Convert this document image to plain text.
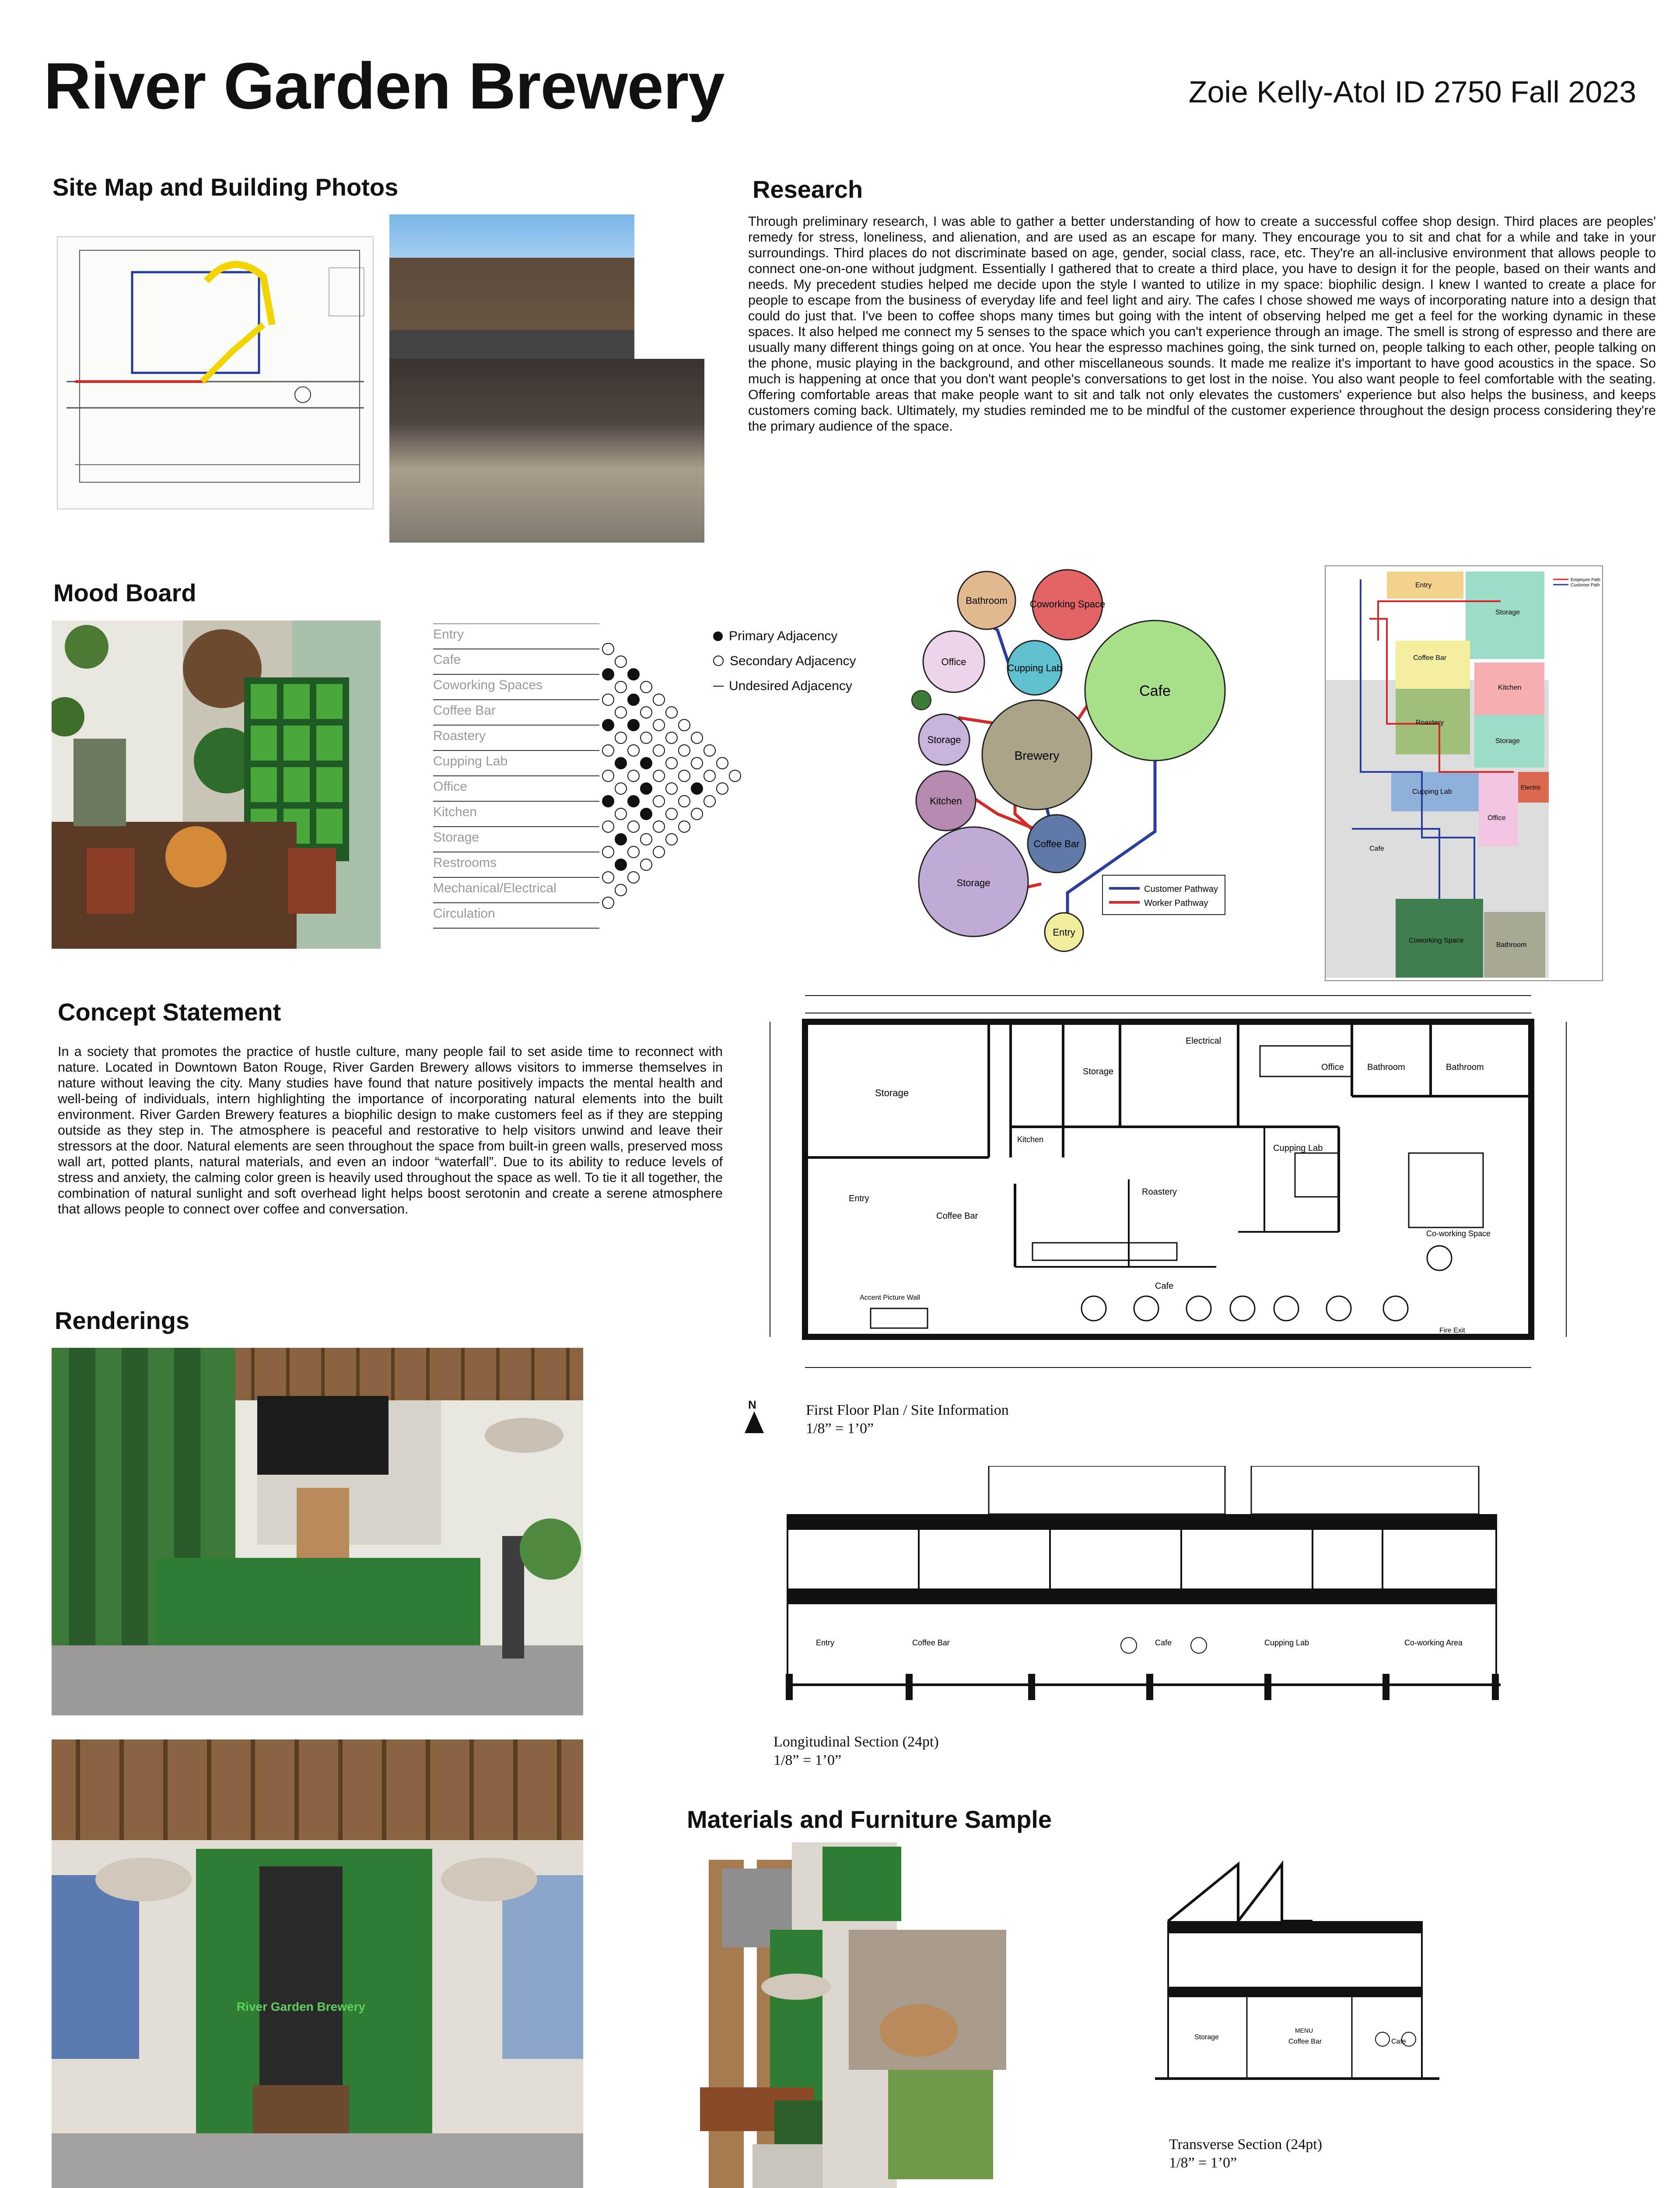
River Garden Brewery	Zoie Kelly-Atol ID 2750 Fall 2023
Site Map and Building Photos	Research
Through preliminary research, I was able to gather a better understanding of how to create a successful coffee shop design. Third places are peoples' remedy for stress, loneliness, and alienation, and are used as an escape for many. They encourage you to sit and chat for a while and take in your surroundings. Third places do not discriminate based on age, gender, social class, race, etc. They're an all-inclusive environment that allows people to connect one-on-one without judgment. Essentially I gathered that to create a third place, you have to design it for the people, based on their wants and needs. My precedent studies helped me decide upon the style I wanted to utilize in my space: biophilic design. I knew I wanted to create a place for people to escape from the business of everyday life and feel light and airy. The cafes I chose showed me ways of incorporating nature into a design that could do just that. I've been to coffee shops many times but going with the intent of observing helped me get a feel for the working dynamic in these spaces. It also helped me connect my 5 senses to the space which you can't experience through an image. The smell is strong of espresso and there are usually many different things going on at once. You hear the espresso machines going, the sink turned on, people talking to each other, people talking on the phone, music playing in the background, and other miscellaneous sounds. It made me realize it's important to have good acoustics in the space. So much is happening at once that you don't want people's conversations to get lost in the noise. You also want people to feel comfortable with the seating. Offering comfortable areas that make people want to sit and talk not only elevates the customers' experience but also helps the business, and keeps customers coming back. Ultimately, my studies reminded me to be mindful of the customer experience throughout the design process considering they're the primary audience of the space.
Mood Board
Entry
Cafe
Coworking Spaces
Coffee Bar
Roastery
Cupping Lab
Office
Kitchen
Storage
Restrooms
Mechanical/Electrical
Circulation
Primary Adjacency
Secondary Adjacency
Undesired Adjacency
Bathroom Coworking Space
Office
Cupping Lab
Cafe
Storage
Brewery
Kitchen
Coffee Bar
Storage
Entry
Customer Pathway
Worker Pathway
Employee Path
Customer Path
Entry
Storage
Coffee Bar
Kitchen
Roastery
Storage
Cupping Lab
Electric
Office
Cafe
Coworking Space
Bathroom
Concept Statement
In a society that promotes the practice of hustle culture, many people fail to set aside time to reconnect with nature. Located in Downtown Baton Rouge, River Garden Brewery allows visitors to immerse themselves in nature without leaving the city. Many studies have found that nature positively impacts the mental health and well-being of individuals, intern highlighting the importance of incorporating natural elements into the built environment. River Garden Brewery features a biophilic design to make customers feel as if they are stepping outside as they step in. The atmosphere is peaceful and restorative to help visitors unwind and leave their stressors at the door. Natural elements are seen throughout the space from built-in green walls, preserved moss wall art, potted plants, natural materials, and even an indoor “waterfall”. Due to its ability to reduce levels of stress and anxiety, the calming color green is heavily used throughout the space as well. To tie it all together, the combination of natural sunlight and soft overhead light helps boost serotonin and create a serene atmosphere that allows people to connect over coffee and conversation.
Renderings
River Garden Brewery
Storage
Storage
Electrical
Office	Bathroom	Bathroom
Kitchen
Cupping Lab
Roastery
Co-working Space
Entry
Coffee Bar
Cafe
Accent Picture Wall
Fire Exit
N	First Floor Plan / Site Information
1/8” = 1’0”
Entry	Coffee Bar	Cafe	Cupping Lab	Co-working Area
Longitudinal Section (24pt)
1/8” = 1’0”
Materials and Furniture Sample
Storage
MENU
Coffee Bar	Cafe
Transverse Section (24pt)
1/8” = 1’0”
